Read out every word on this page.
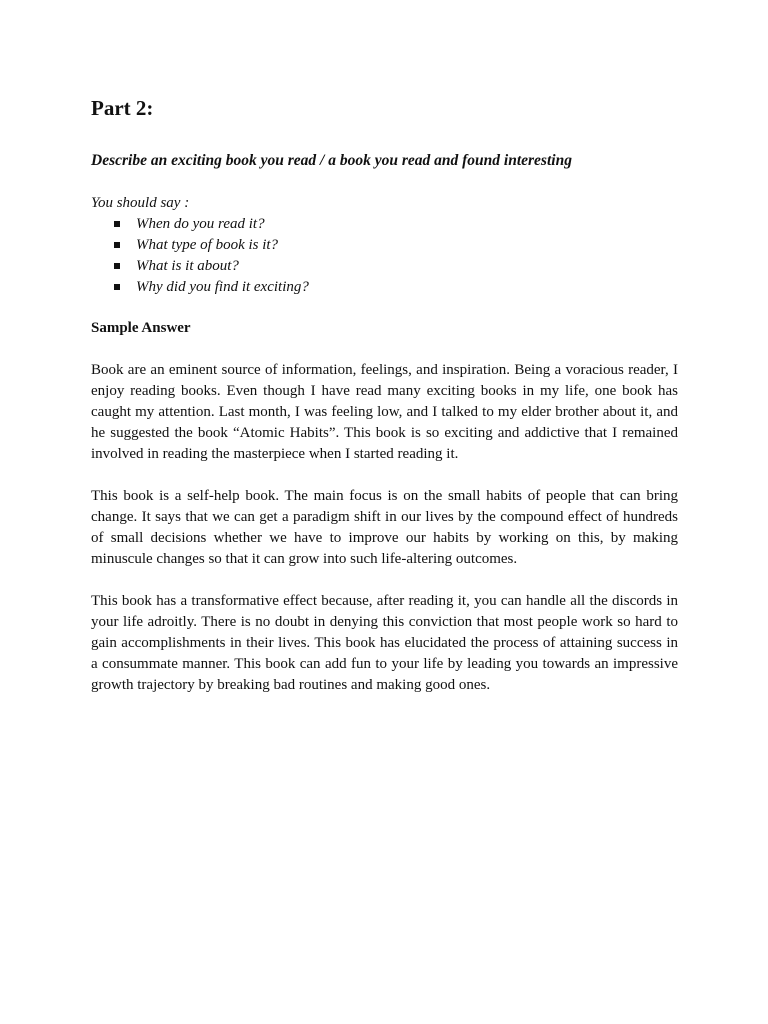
Part 2:

Describe an exciting book you read / a book you read and found interesting

You should say :

When do you read it?
What type of book is it?
What is it about?
Why did you find it exciting?

Sample Answer

Book are an eminent source of information, feelings, and inspiration. Being a voracious reader, I enjoy reading books. Even though I have read many exciting books in my life, one book has caught my attention. Last month, I was feeling low, and I talked to my elder brother about it, and he suggested the book “Atomic Habits”. This book is so exciting and addictive that I remained involved in reading the masterpiece when I started reading it.

This book is a self-help book. The main focus is on the small habits of people that can bring change. It says that we can get a paradigm shift in our lives by the compound effect of hundreds of small decisions whether we have to improve our habits by working on this, by making minuscule changes so that it can grow into such life-altering outcomes.

This book has a transformative effect because, after reading it, you can handle all the discords in your life adroitly. There is no doubt in denying this conviction that most people work so hard to gain accomplishments in their lives. This book has elucidated the process of attaining success in a consummate manner. This book can add fun to your life by leading you towards an impressive growth trajectory by breaking bad routines and making good ones.
